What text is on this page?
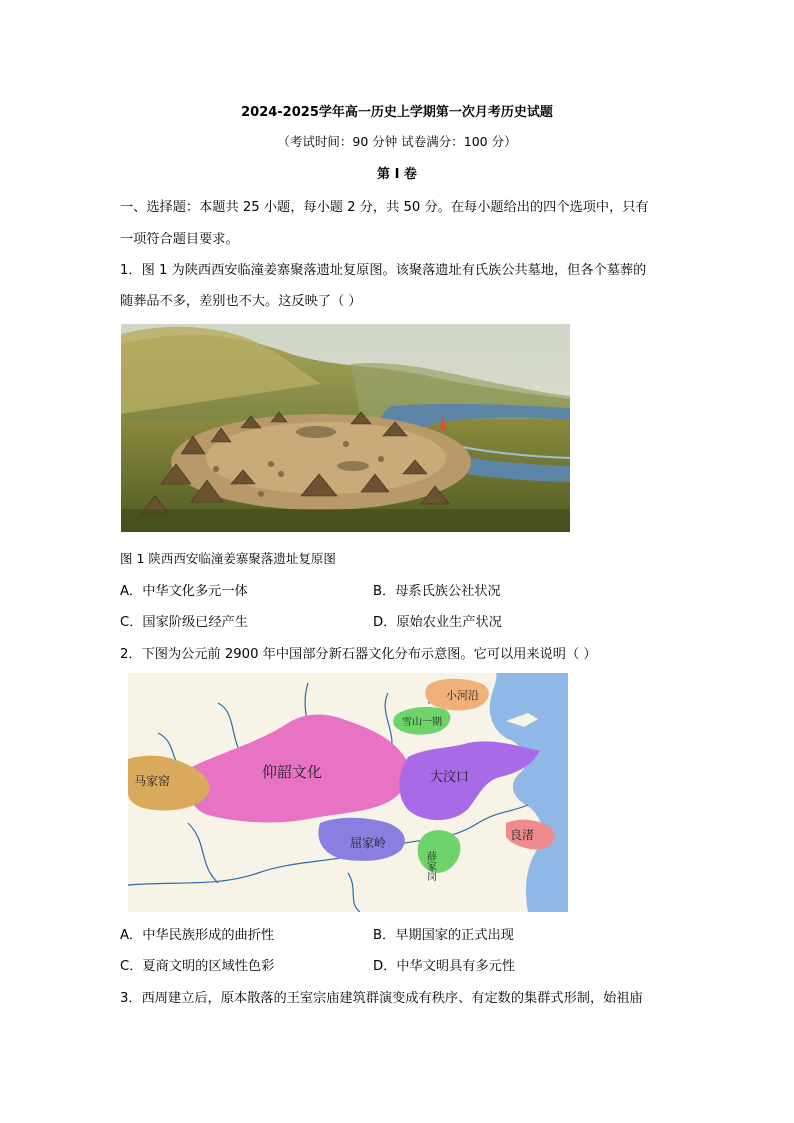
2024-2025学年高一历史上学期第一次月考历史试题
（考试时间：90 分钟 试卷满分：100 分）
第 I 卷
一、选择题：本题共 25 小题，每小题 2 分，共 50 分。在每小题给出的四个选项中，只有
一项符合题目要求。
1．图 1 为陕西西安临潼姜寨聚落遗址复原图。该聚落遗址有氏族公共墓地，但各个墓葬的
随葬品不多，差别也不大。这反映了（ ）
图 1 陕西西安临潼姜寨聚落遗址复原图
A．中华文化多元一体	B．母系氏族公社状况
C．国家阶级已经产生	D．原始农业生产状况
2．下图为公元前 2900 年中国部分新石器文化分布示意图。它可以用来说明（ ）
小河沿
雪山一期
仰韶文化
马家窑	大汶口
屈家岭
薛家岗
良渚
A．中华民族形成的曲折性	B．早期国家的正式出现
C．夏商文明的区域性色彩	D．中华文明具有多元性
3．西周建立后，原本散落的王室宗庙建筑群演变成有秩序、有定数的集群式形制，始祖庙
